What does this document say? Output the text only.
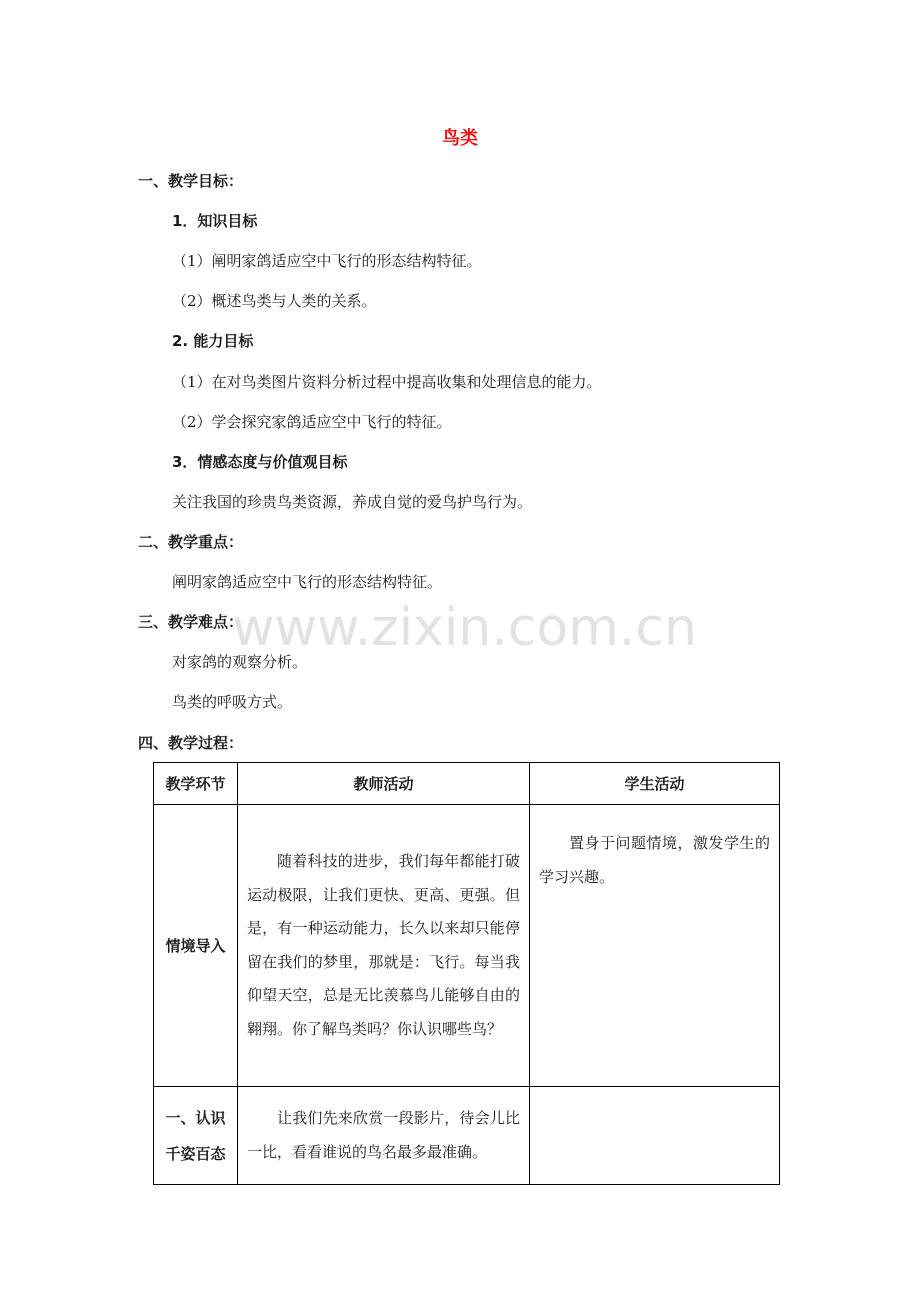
www.zixin.com.cn
鸟类
一、教学目标：
1．知识目标
（1）阐明家鸽适应空中飞行的形态结构特征。
（2）概述鸟类与人类的关系。
2. 能力目标
（1）在对鸟类图片资料分析过程中提高收集和处理信息的能力。
（2）学会探究家鸽适应空中飞行的特征。
3．情感态度与价值观目标
关注我国的珍贵鸟类资源，养成自觉的爱鸟护鸟行为。
二、教学重点：
阐明家鸽适应空中飞行的形态结构特征。
三、教学难点：
对家鸽的观察分析。
鸟类的呼吸方式。
四、教学过程：
教学环节	教师活动	学生活动
情境导入	随着科技的进步，我们每年都能打破运动极限，让我们更快、更高、更强。但是，有一种运动能力，长久以来却只能停留在我们的梦里，那就是：飞行。每当我仰望天空，总是无比羡慕鸟儿能够自由的翱翔。你了解鸟类吗？你认识哪些鸟？	置身于问题情境，激发学生的学习兴趣。
一、认识千姿百态	让我们先来欣赏一段影片，待会儿比一比，看看谁说的鸟名最多最准确。	
